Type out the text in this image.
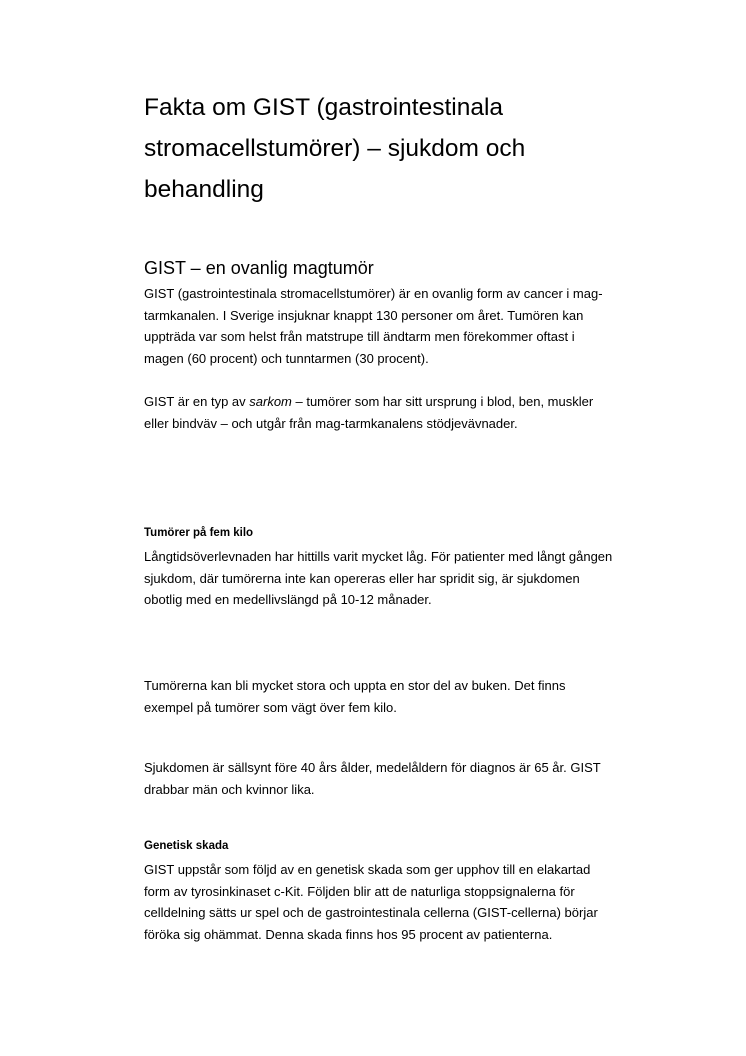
Fakta om GIST (gastrointestinala stromacellstumörer) – sjukdom och behandling
GIST – en ovanlig magtumör

GIST (gastrointestinala stromacellstumörer) är en ovanlig form av cancer i mag-tarmkanalen. I Sverige insjuknar knappt 130 personer om året. Tumören kan uppträda var som helst från matstrupe till ändtarm men förekommer oftast i magen (60 procent) och tunntarmen (30 procent).

GIST är en typ av sarkom – tumörer som har sitt ursprung i blod, ben, muskler eller bindväv – och utgår från mag-tarmkanalens stödjevävnader.

Tumörer på fem kilo

Långtidsöverlevnaden har hittills varit mycket låg. För patienter med långt gången sjukdom, där tumörerna inte kan opereras eller har spridit sig, är sjukdomen obotlig med en medellivslängd på 10-12 månader.

Tumörerna kan bli mycket stora och uppta en stor del av buken. Det finns exempel på tumörer som vägt över fem kilo.

Sjukdomen är sällsynt före 40 års ålder, medelåldern för diagnos är 65 år. GIST drabbar män och kvinnor lika.

Genetisk skada

GIST uppstår som följd av en genetisk skada som ger upphov till en elakartad form av tyrosinkinaset c-Kit. Följden blir att de naturliga stoppsignalerna för celldelning sätts ur spel och de gastrointestinala cellerna (GIST-cellerna) börjar föröka sig ohämmat. Denna skada finns hos 95 procent av patienterna.
